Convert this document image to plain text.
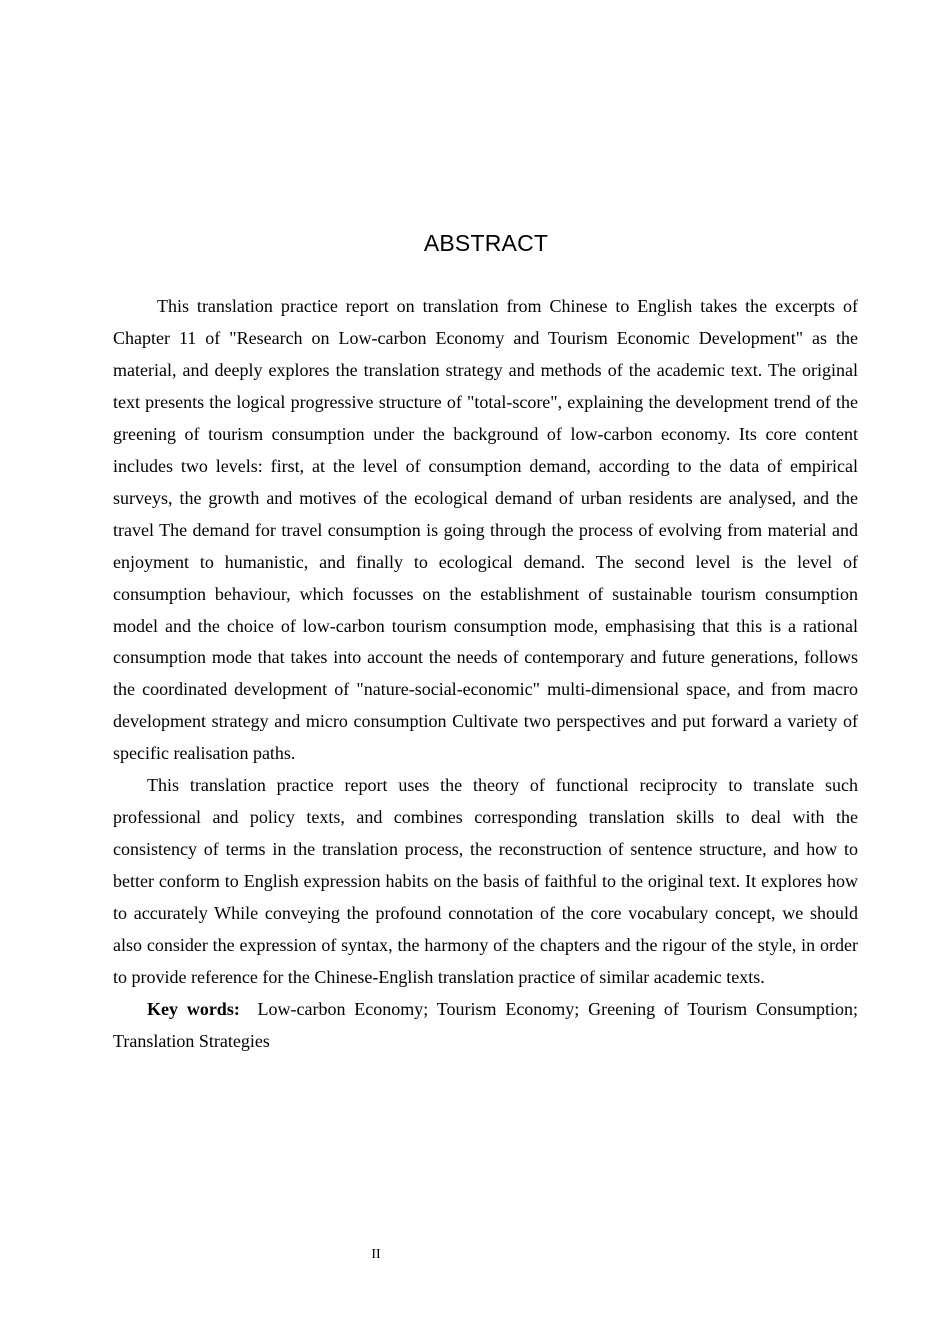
ABSTRACT

This translation practice report on translation from Chinese to English takes the excerpts of Chapter 11 of "Research on Low-carbon Economy and Tourism Economic Development" as the material, and deeply explores the translation strategy and methods of the academic text. The original text presents the logical progressive structure of "total-score", explaining the development trend of the greening of tourism consumption under the background of low-carbon economy. Its core content includes two levels: first, at the level of consumption demand, according to the data of empirical surveys, the growth and motives of the ecological demand of urban residents are analysed, and the travel The demand for travel consumption is going through the process of evolving from material and enjoyment to humanistic, and finally to ecological demand. The second level is the level of consumption behaviour, which focusses on the establishment of sustainable tourism consumption model and the choice of low-carbon tourism consumption mode, emphasising that this is a rational consumption mode that takes into account the needs of contemporary and future generations, follows the coordinated development of "nature-social-economic" multi-dimensional space, and from macro development strategy and micro consumption Cultivate two perspectives and put forward a variety of specific realisation paths.

This translation practice report uses the theory of functional reciprocity to translate such professional and policy texts, and combines corresponding translation skills to deal with the consistency of terms in the translation process, the reconstruction of sentence structure, and how to better conform to English expression habits on the basis of faithful to the original text. It explores how to accurately While conveying the profound connotation of the core vocabulary concept, we should also consider the expression of syntax, the harmony of the chapters and the rigour of the style, in order to provide reference for the Chinese-English translation practice of similar academic texts.

Key words: Low-carbon Economy; Tourism Economy; Greening of Tourism Consumption; Translation Strategies

II
